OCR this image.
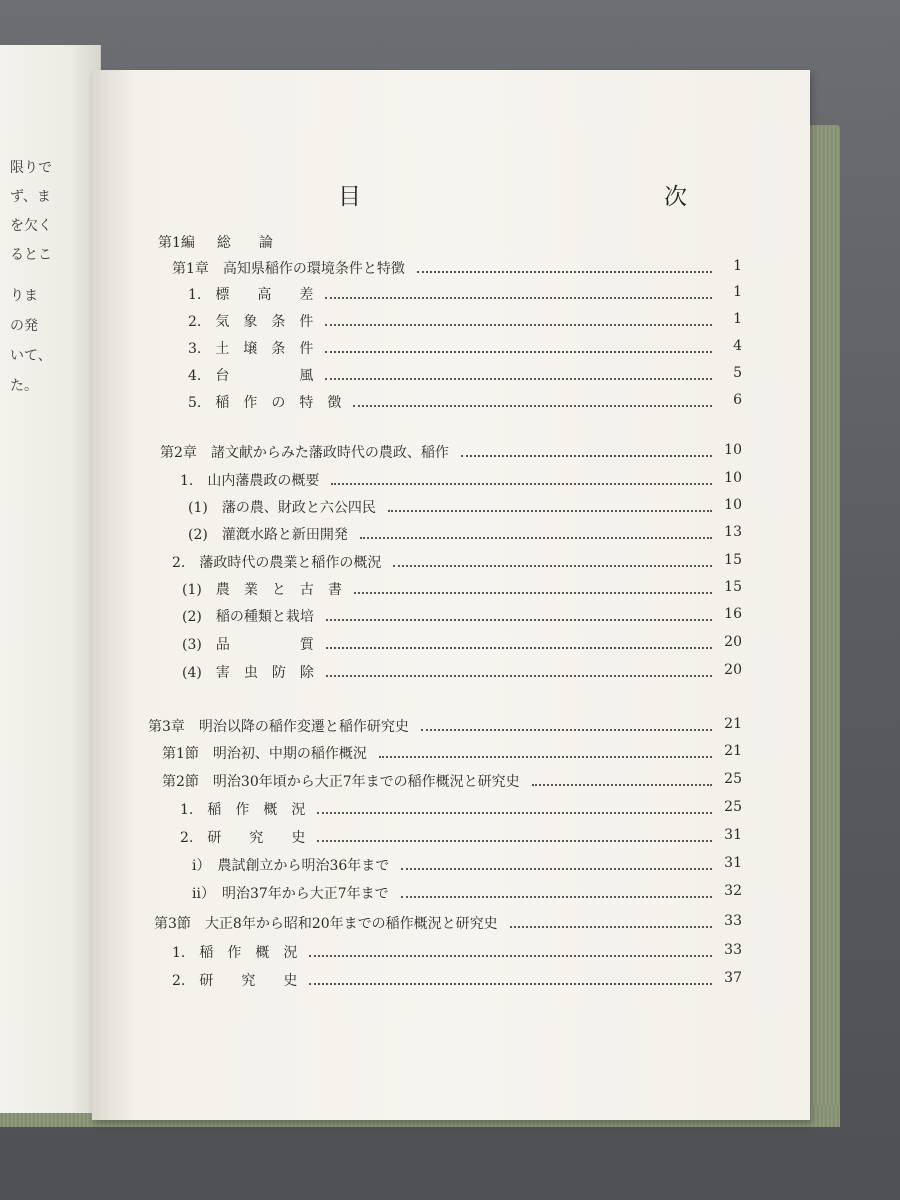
限りで
ず、ま
を欠く
るとこ
りま
の発
いて、
た。
目　次
第1編 総　　論
第1章　高知県稲作の環境条件と特徴	1
1.　標　　高　　差	1
2.　気　象　条　件	1
3.　土　壌　条　件	4
4.　台　　　　　風	5
5.　稲　作　の　特　徴	6
第2章　諸文献からみた藩政時代の農政、稲作	10
1.　山内藩農政の概要	10
(1)　藩の農、財政と六公四民	10
(2)　灌漑水路と新田開発	13
2.　藩政時代の農業と稲作の概況	15
(1)　農　業　と　古　書	15
(2)　稲の種類と栽培	16
(3)　品　　　　　質	20
(4)　害　虫　防　除	20
第3章　明治以降の稲作変遷と稲作研究史	21
第1節　明治初、中期の稲作概況	21
第2節　明治30年頃から大正7年までの稲作概況と研究史	25
1.　稲　作　概　況	25
2.　研　　究　　史	31
ⅰ）　農試創立から明治36年まで	31
ⅱ）　明治37年から大正7年まで	32
第3節　大正8年から昭和20年までの稲作概況と研究史	33
1.　稲　作　概　況	33
2.　研　　究　　史	37
